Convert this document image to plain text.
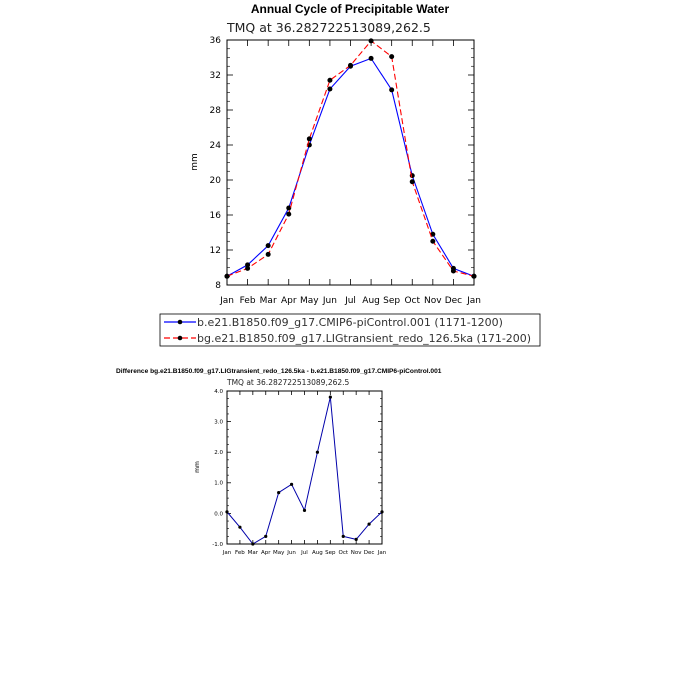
Annual Cycle of Precipitable Water
TMQ at 36.282722513089,262.5
mm
Jan Feb Mar Apr May Jun Jul Aug Sep Oct Nov Dec Jan
8
12
16
20
24
28
32
36
b.e21.B1850.f09_g17.CMIP6-piControl.001 (1171-1200)
bg.e21.B1850.f09_g17.LIGtransient_redo_126.5ka (171-200)
Difference bg.e21.B1850.f09_g17.LIGtransient_redo_126.5ka - b.e21.B1850.f09_g17.CMIP6-piControl.001
TMQ at 36.282722513089,262.5
mm
Jan Feb Mar Apr May Jun Jul Aug Sep Oct Nov Dec Jan
-1.0
0.0
1.0
2.0
3.0
4.0
